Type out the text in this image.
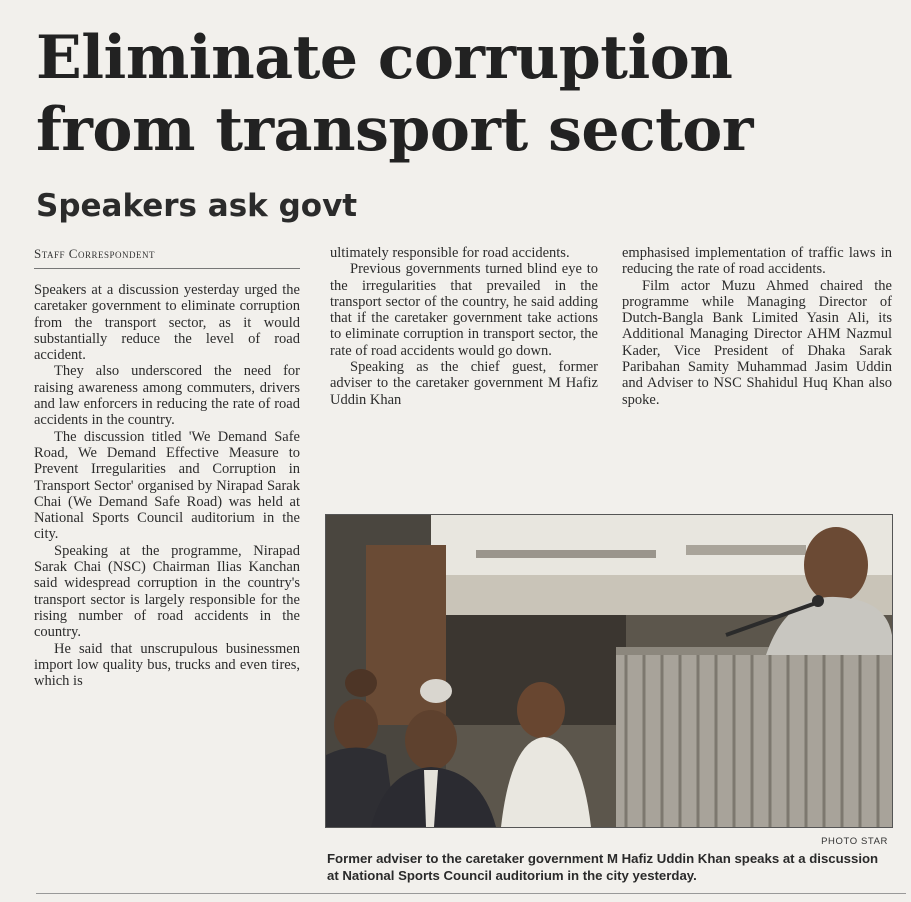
Eliminate corruption from transport sector
Speakers ask govt
Staff Correspondent

Speakers at a discussion yesterday urged the caretaker government to eliminate corruption from the transport sector, as it would substantially reduce the level of road accident.

They also underscored the need for raising awareness among commuters, drivers and law enforcers in reducing the rate of road accidents in the country.

The discussion titled 'We Demand Safe Road, We Demand Effective Measure to Prevent Irregularities and Corruption in Transport Sector' organised by Nirapad Sarak Chai (We Demand Safe Road) was held at National Sports Council auditorium in the city.

Speaking at the programme, Nirapad Sarak Chai (NSC) Chairman Ilias Kanchan said widespread corruption in the country's transport sector is largely responsible for the rising number of road accidents in the country.

He said that unscrupulous businessmen import low quality bus, trucks and even tires, which is

ultimately responsible for road accidents.

Previous governments turned blind eye to the irregularities that prevailed in the transport sector of the country, he said adding that if the caretaker government take actions to eliminate corruption in transport sector, the rate of road accidents would go down.

Speaking as the chief guest, former adviser to the caretaker government M Hafiz Uddin Khan

emphasised implementation of traffic laws in reducing the rate of road accidents.

Film actor Muzu Ahmed chaired the programme while Managing Director of Dutch-Bangla Bank Limited Yasin Ali, its Additional Managing Director AHM Nazmul Kader, Vice President of Dhaka Sarak Paribahan Samity Muhammad Jasim Uddin and Adviser to NSC Shahidul Huq Khan also spoke.

PHOTO STAR
Former adviser to the caretaker government M Hafiz Uddin Khan speaks at a discussion at National Sports Council auditorium in the city yesterday.
